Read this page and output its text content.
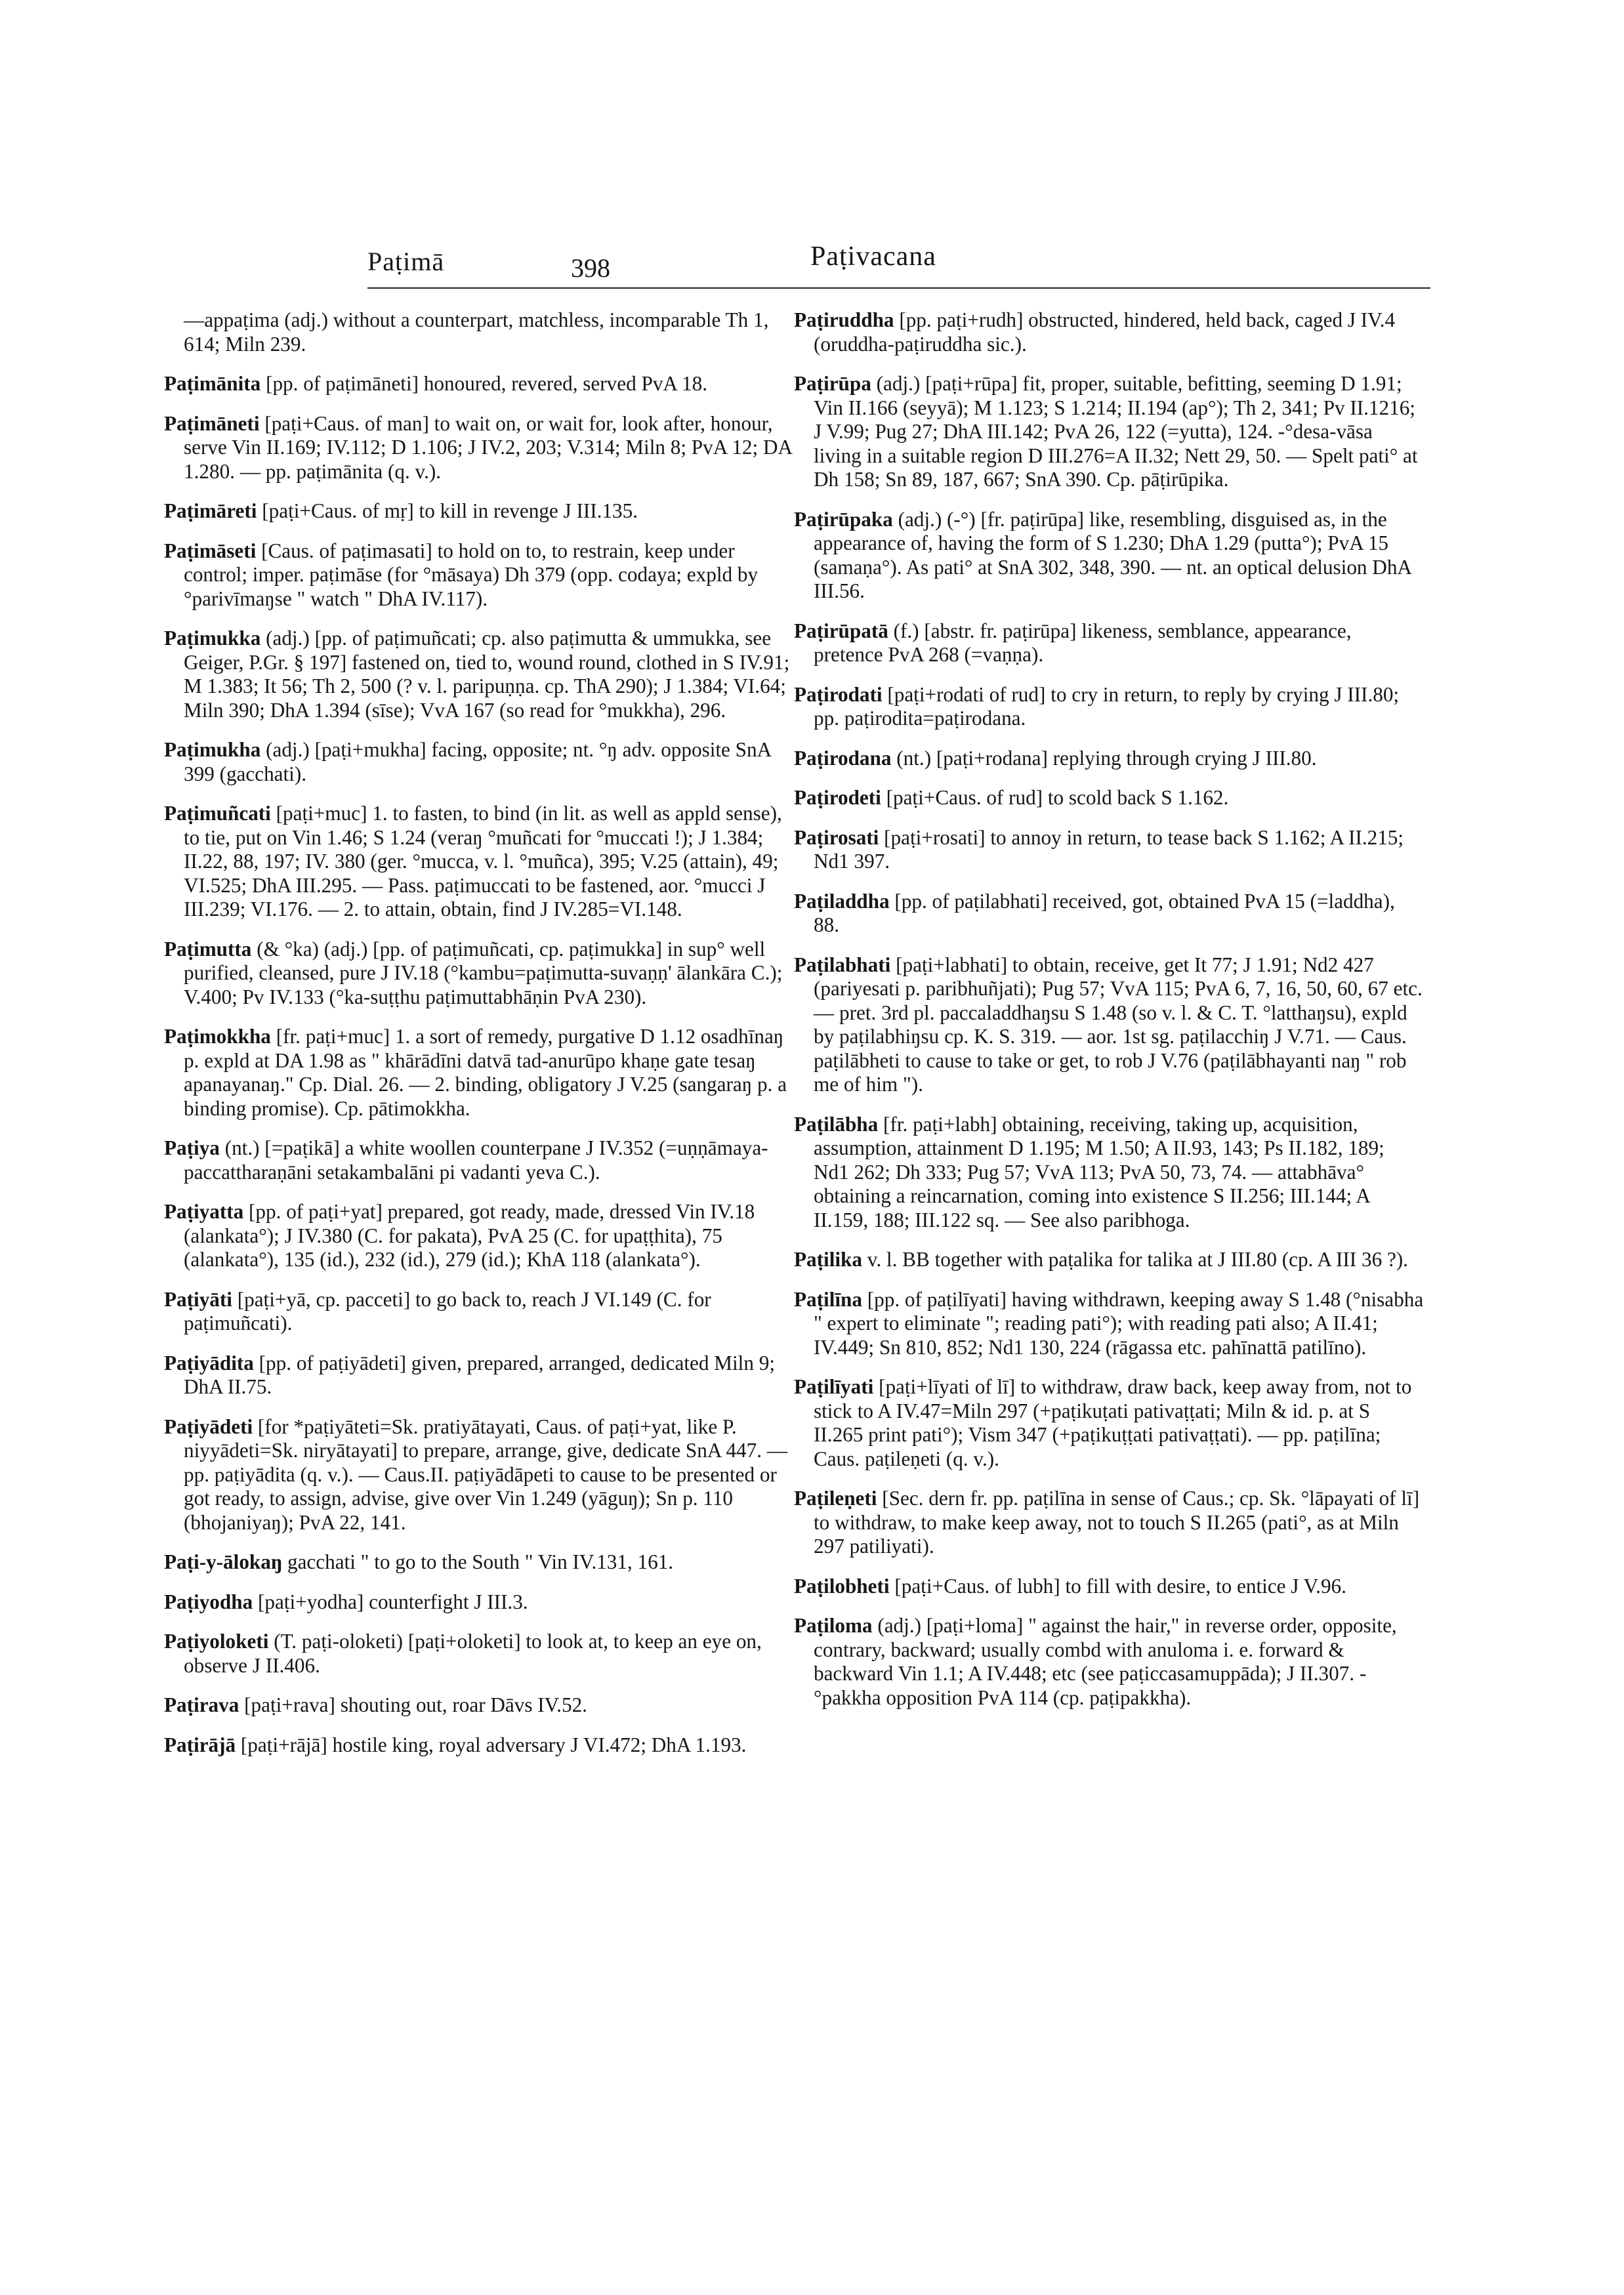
Paṭimā	398	Paṭivacana

—appaṭima (adj.) without a counterpart, matchless, incomparable Th 1, 614; Miln 239.

Paṭimānita [pp. of paṭimāneti] honoured, revered, served PvA 18.

Paṭimāneti [paṭi+Caus. of man] to wait on, or wait for, look after, honour, serve Vin II.169; IV.112; D 1.106; J IV.2, 203; V.314; Miln 8; PvA 12; DA 1.280. — pp. paṭimānita (q. v.).

Paṭimāreti [paṭi+Caus. of mṛ] to kill in revenge J III.135.

Paṭimāseti [Caus. of paṭimasati] to hold on to, to restrain, keep under control; imper. paṭimāse (for °māsaya) Dh 379 (opp. codaya; expld by °parivīmaŋse " watch " DhA IV.117).

Paṭimukka (adj.) [pp. of paṭimuñcati; cp. also paṭimutta & ummukka, see Geiger, P.Gr. § 197] fastened on, tied to, wound round, clothed in S IV.91; M 1.383; It 56; Th 2, 500 (? v. l. paripuṇṇa. cp. ThA 290); J 1.384; VI.64; Miln 390; DhA 1.394 (sīse); VvA 167 (so read for °mukkha), 296.

Paṭimukha (adj.) [paṭi+mukha] facing, opposite; nt. °ŋ adv. opposite SnA 399 (gacchati).

Paṭimuñcati [paṭi+muc] 1. to fasten, to bind (in lit. as well as appld sense), to tie, put on Vin 1.46; S 1.24 (veraŋ °muñcati for °muccati !); J 1.384; II.22, 88, 197; IV. 380 (ger. °mucca, v. l. °muñca), 395; V.25 (attain), 49; VI.525; DhA III.295. — Pass. paṭimuccati to be fastened, aor. °mucci J III.239; VI.176. — 2. to attain, obtain, find J IV.285=VI.148.

Paṭimutta (& °ka) (adj.) [pp. of paṭimuñcati, cp. paṭimukka] in sup° well purified, cleansed, pure J IV.18 (°kambu=paṭimutta-suvaṇṇ' ālankāra C.); V.400; Pv IV.133 (°ka-suṭṭhu paṭimuttabhāṇin PvA 230).

Paṭimokkha [fr. paṭi+muc] 1. a sort of remedy, purgative D 1.12 osadhīnaŋ p. expld at DA 1.98 as " khārādīni datvā tad-anurūpo khaṇe gate tesaŋ apanayanaŋ." Cp. Dial. 26. — 2. binding, obligatory J V.25 (sangaraŋ p. a binding promise). Cp. pātimokkha.

Paṭiya (nt.) [=paṭikā] a white woollen counterpane J IV.352 (=uṇṇāmaya-paccattharaṇāni setakambalāni pi vadanti yeva C.).

Paṭiyatta [pp. of paṭi+yat] prepared, got ready, made, dressed Vin IV.18 (alankata°); J IV.380 (C. for pakata), PvA 25 (C. for upaṭṭhita), 75 (alankata°), 135 (id.), 232 (id.), 279 (id.); KhA 118 (alankata°).

Paṭiyāti [paṭi+yā, cp. pacceti] to go back to, reach J VI.149 (C. for paṭimuñcati).

Paṭiyādita [pp. of paṭiyādeti] given, prepared, arranged, dedicated Miln 9; DhA II.75.

Paṭiyādeti [for *paṭiyāteti=Sk. pratiyātayati, Caus. of paṭi+yat, like P. niyyādeti=Sk. niryātayati] to prepare, arrange, give, dedicate SnA 447. — pp. paṭiyādita (q. v.). — Caus.II. paṭiyādāpeti to cause to be presented or got ready, to assign, advise, give over Vin 1.249 (yāguŋ); Sn p. 110 (bhojaniyaŋ); PvA 22, 141.

Paṭi-y-ālokaŋ gacchati " to go to the South " Vin IV.131, 161.

Paṭiyodha [paṭi+yodha] counterfight J III.3.

Paṭiyoloketi (T. paṭi-oloketi) [paṭi+oloketi] to look at, to keep an eye on, observe J II.406.

Paṭirava [paṭi+rava] shouting out, roar Dāvs IV.52.

Paṭirājā [paṭi+rājā] hostile king, royal adversary J VI.472; DhA 1.193.

Paṭiruddha [pp. paṭi+rudh] obstructed, hindered, held back, caged J IV.4 (oruddha-paṭiruddha sic.).

Paṭirūpa (adj.) [paṭi+rūpa] fit, proper, suitable, befitting, seeming D 1.91; Vin II.166 (seyyā); M 1.123; S 1.214; II.194 (ap°); Th 2, 341; Pv II.1216; J V.99; Pug 27; DhA III.142; PvA 26, 122 (=yutta), 124. -°desa-vāsa living in a suitable region D III.276=A II.32; Nett 29, 50. — Spelt pati° at Dh 158; Sn 89, 187, 667; SnA 390. Cp. pāṭirūpika.

Paṭirūpaka (adj.) (-°) [fr. paṭirūpa] like, resembling, disguised as, in the appearance of, having the form of S 1.230; DhA 1.29 (putta°); PvA 15 (samaṇa°). As pati° at SnA 302, 348, 390. — nt. an optical delusion DhA III.56.

Paṭirūpatā (f.) [abstr. fr. paṭirūpa] likeness, semblance, appearance, pretence PvA 268 (=vaṇṇa).

Paṭirodati [paṭi+rodati of rud] to cry in return, to reply by crying J III.80; pp. paṭirodita=paṭirodana.

Paṭirodana (nt.) [paṭi+rodana] replying through crying J III.80.

Paṭirodeti [paṭi+Caus. of rud] to scold back S 1.162.

Paṭirosati [paṭi+rosati] to annoy in return, to tease back S 1.162; A II.215; Nd1 397.

Paṭiladdha [pp. of paṭilabhati] received, got, obtained PvA 15 (=laddha), 88.

Paṭilabhati [paṭi+labhati] to obtain, receive, get It 77; J 1.91; Nd2 427 (pariyesati p. paribhuñjati); Pug 57; VvA 115; PvA 6, 7, 16, 50, 60, 67 etc. — pret. 3rd pl. paccaladdhaŋsu S 1.48 (so v. l. & C. T. °latthaŋsu), expld by paṭilabhiŋsu cp. K. S. 319. — aor. 1st sg. paṭilacchiŋ J V.71. — Caus. paṭilābheti to cause to take or get, to rob J V.76 (paṭilābhayanti naŋ " rob me of him ").

Paṭilābha [fr. paṭi+labh] obtaining, receiving, taking up, acquisition, assumption, attainment D 1.195; M 1.50; A II.93, 143; Ps II.182, 189; Nd1 262; Dh 333; Pug 57; VvA 113; PvA 50, 73, 74. — attabhāva° obtaining a reincarnation, coming into existence S II.256; III.144; A II.159, 188; III.122 sq. — See also paribhoga.

Paṭilika v. l. BB together with paṭalika for talika at J III.80 (cp. A III 36 ?).

Paṭilīna [pp. of paṭilīyati] having withdrawn, keeping away S 1.48 (°nisabha " expert to eliminate "; reading pati°); with reading pati also; A II.41; IV.449; Sn 810, 852; Nd1 130, 224 (rāgassa etc. pahīnattā patilīno).

Paṭilīyati [paṭi+līyati of lī] to withdraw, draw back, keep away from, not to stick to A IV.47=Miln 297 (+paṭikuṭati pativaṭṭati; Miln & id. p. at S II.265 print pati°); Vism 347 (+paṭikuṭṭati pativaṭṭati). — pp. paṭilīna; Caus. paṭileṇeti (q. v.).

Paṭileṇeti [Sec. dern fr. pp. paṭilīna in sense of Caus.; cp. Sk. °lāpayati of lī] to withdraw, to make keep away, not to touch S II.265 (pati°, as at Miln 297 patiliyati).

Paṭilobheti [paṭi+Caus. of lubh] to fill with desire, to entice J V.96.

Paṭiloma (adj.) [paṭi+loma] " against the hair," in reverse order, opposite, contrary, backward; usually combd with anuloma i. e. forward & backward Vin 1.1; A IV.448; etc (see paṭiccasamuppāda); J II.307. -°pakkha opposition PvA 114 (cp. paṭipakkha).
